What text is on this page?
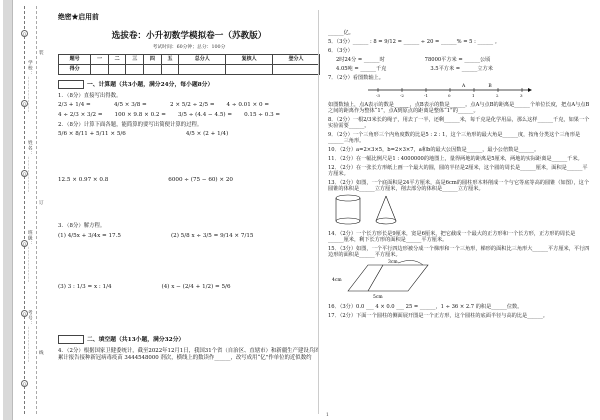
○
○
○
○
○
○
装
订
线
学校：___________
姓名：___________
班级：___________
考号：___________
绝密★启用前
选拔卷：小升初数学模拟卷一（苏教版）
考试时间：60分钟；总分：100分
题号	一	二	三	四	五	总分人	复核人	登分人
得分								
一、计算题（共3小题，满分24分，每小题8分）
1．（8分）直接写出得数。
2/3 + 1/4 =	4/5 × 3/8 =	2 × 5/2 ÷ 2/5 = 4 ÷ 0.01 × 0 =
4 ÷ 2/3 × 3/2 = 100 × 9.8 × 0.2 = 3/5 ÷ (4.4 − 4.5) = 0.15 ÷ 0.3 =
2．（8分）计算下面各题，能简算的要写出简便计算的过程。
5/6 × 8/11 + 5/11 × 5/6	4/5 × (2 + 1/4)
12.5 × 0.97 × 0.8	6000 ÷ (75 − 60) × 20
3．（8分）解方程。
(1) 4/5x + 3/4x = 17.5	(2) 5/8 x ÷ 3/5 = 9/14 × 7/15
(3) 3 : 1/3 = x : 1/4	(4) x − (2/4 + 1/2) = 5/6
二、填空题（共13小题，满分32分）
4．（2分）根据国家卫健委统计，截至2022年12月1日，我国31个省（自治区、直辖市）和新疆生产建设兵团累计报告接种新冠病毒疫苗 3444548000 剂次，横线上的数读作______，改写成用“亿”作单位的近似数约
______亿。
5．（3分）______ : 8 = 9/12 = ______ ÷ 20 = ______% = 5 : ______ 。
6．（3分）
2时24分 = ______时	78000平方米 = ______公顷
4.05吨 = ______千克	3.5平方米 = ______立方米
7．（2分）看图数轴上。
-3	-2	-1	0	1	2	3
A	B
如图数轴上，点A表示的数是______，点B表示的数是______。点A与点B的距离是______个单位长度，把点A与点B之间的距离作为整体“1”，点A到原点的距离是整体“1”的______。
8．（2分）一根2/3米长的绳子，用去了一半，还剩______米，每千克是化学用品，那么这样______千克，如果一个实验需要______。
9．（2分）一个三角形三个内角度数的比是5 : 2 : 1，这个三角形的最大角是______度，按角分类这个三角形是______三角形。
10．（2分）a=2×3×5，b=2×3×7，a和b的最大公因数是______，最小公倍数是______。
11．（2分）在一幅比例尺是1 : 4000000的地图上，量得两地的距离是5厘米，两地的实际距离是______千米。
12．（2分）在一张长方形纸上画一个最大的圆，圆的半径是2厘米，这个圆的周长是______厘米，面积是______平方厘米。
13．（2分）如图，一个底面积是24平方厘米，高是6cm的圆柱形木料削成一个与它等底等高的圆锥（如图），这个圆锥的体积是______立方厘米，削去部分的体积是______立方厘米。
14．（2分）一个长方形长是9厘米，宽是6厘米，把它截成一个最大的正方形和一个长方形，正方形的周长是______厘米，剩下长方形的面积是______平方厘米。
15．（3分）如图，一个平行四边形被分成一个梯形和一个三角形，梯形的面积比三角形大______平方厘米，平行四边形的面积是______平方厘米。
3cm
4cm
5cm
16．（3分）0.0 ___ 4 × 0.0 ___ 25 = ______，1 ÷ 36 × 2.7 的积是______位数。
17．（2分）下面一个圆柱的侧面展开图是一个正方形，这个圆柱的底面半径与高的比是______。
1
